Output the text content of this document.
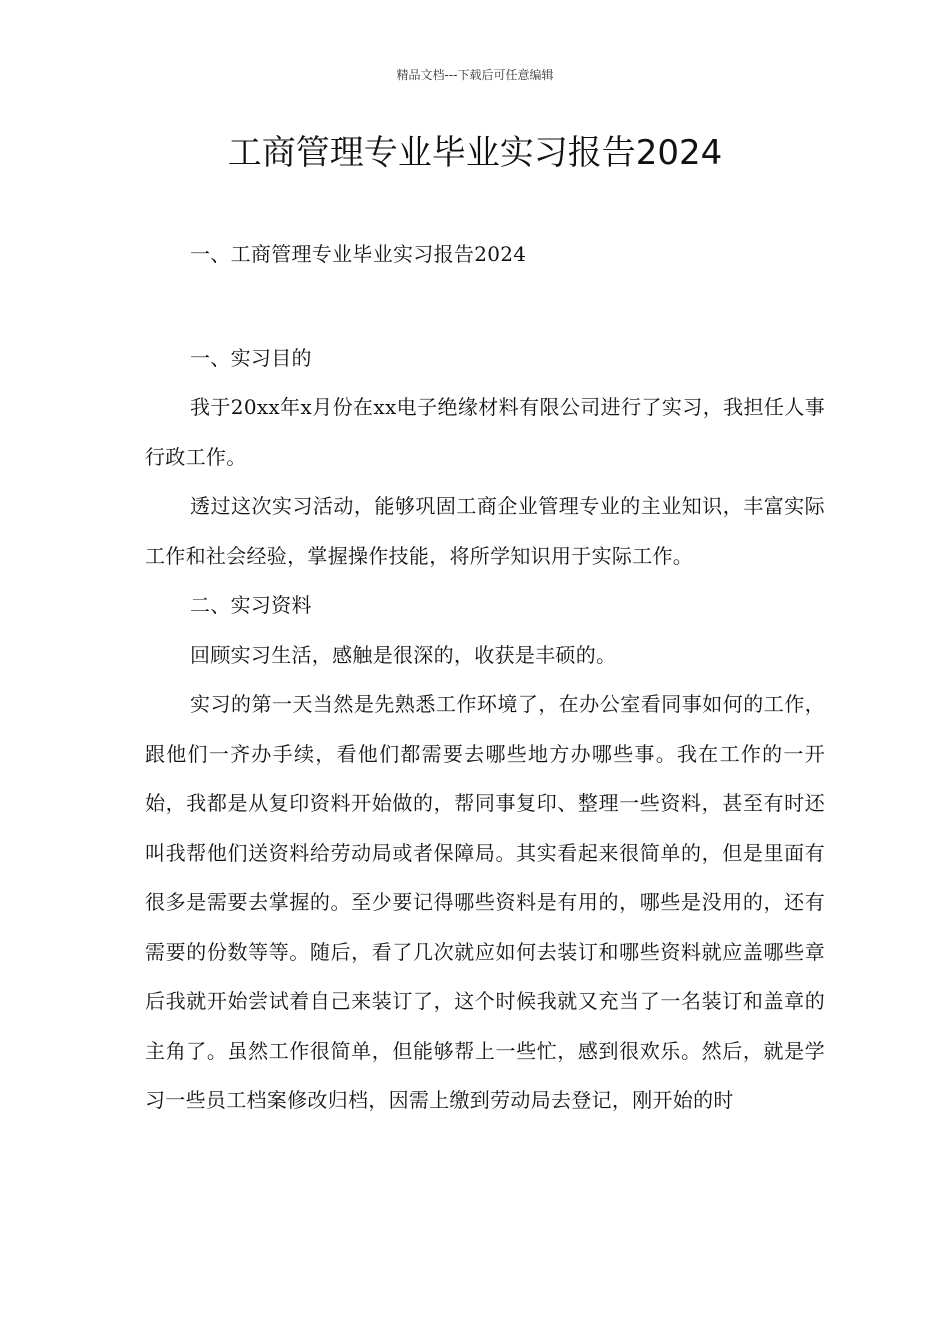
精品文档---下载后可任意编辑
工商管理专业毕业实习报告2024

一、工商管理专业毕业实习报告2024

一、实习目的

我于20xx年x月份在xx电子绝缘材料有限公司进行了实习，我担任人事行政工作。

透过这次实习活动，能够巩固工商企业管理专业的主业知识，丰富实际工作和社会经验，掌握操作技能，将所学知识用于实际工作。

二、实习资料

回顾实习生活，感触是很深的，收获是丰硕的。

实习的第一天当然是先熟悉工作环境了，在办公室看同事如何的工作，跟他们一齐办手续，看他们都需要去哪些地方办哪些事。我在工作的一开始，我都是从复印资料开始做的，帮同事复印、整理一些资料，甚至有时还叫我帮他们送资料给劳动局或者保障局。其实看起来很简单的，但是里面有很多是需要去掌握的。至少要记得哪些资料是有用的，哪些是没用的，还有需要的份数等等。随后，看了几次就应如何去装订和哪些资料就应盖哪些章后我就开始尝试着自己来装订了，这个时候我就又充当了一名装订和盖章的主角了。虽然工作很简单，但能够帮上一些忙，感到很欢乐。然后，就是学习一些员工档案修改归档，因需上缴到劳动局去登记，刚开始的时
